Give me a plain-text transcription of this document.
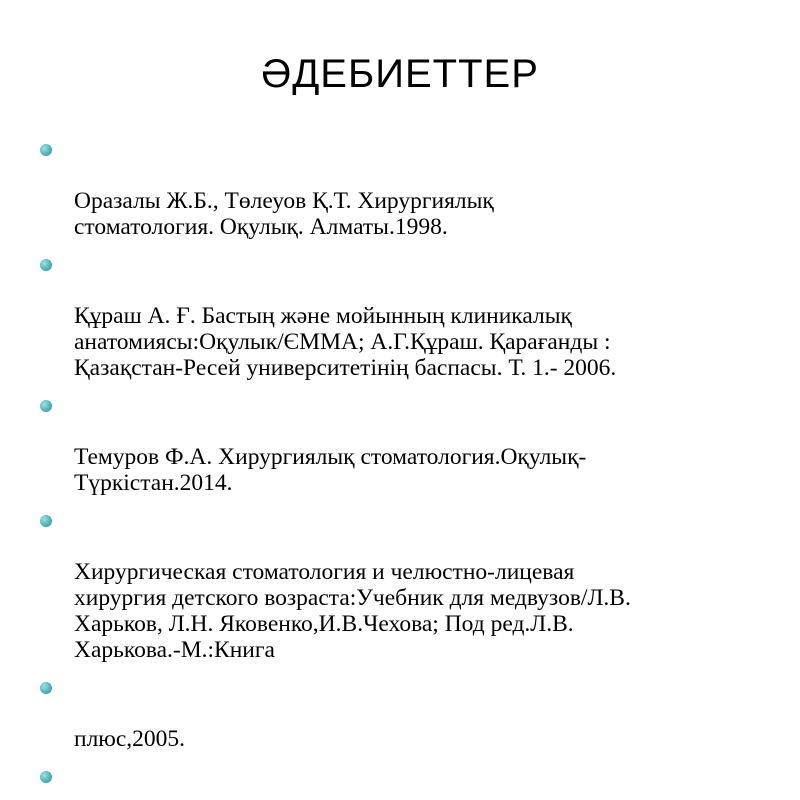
ӘДЕБИЕТТЕР

Оразалы Ж.Б., Төлеуов Қ.Т. Хирургиялық
стоматология. Оқулық. Алматы.1998.

Құраш А. Ғ. Бастың және мойынның клиникалық
анатомиясы:Оқулык/ЄММА; А.Г.Құраш. Қарағанды :
Қазақстан-Ресей университетінің баспасы. Т. 1.- 2006.

Темуров Ф.А. Хирургиялық стоматология.Оқулық-
Түркістан.2014.

Хирургическая стоматология и челюстно-лицевая
хирургия детского возраста:Учебник для медвузов/Л.В.
Харьков, Л.Н. Яковенко,И.В.Чехова; Под ред.Л.В.
Харькова.-М.:Книга

плюс,2005.
